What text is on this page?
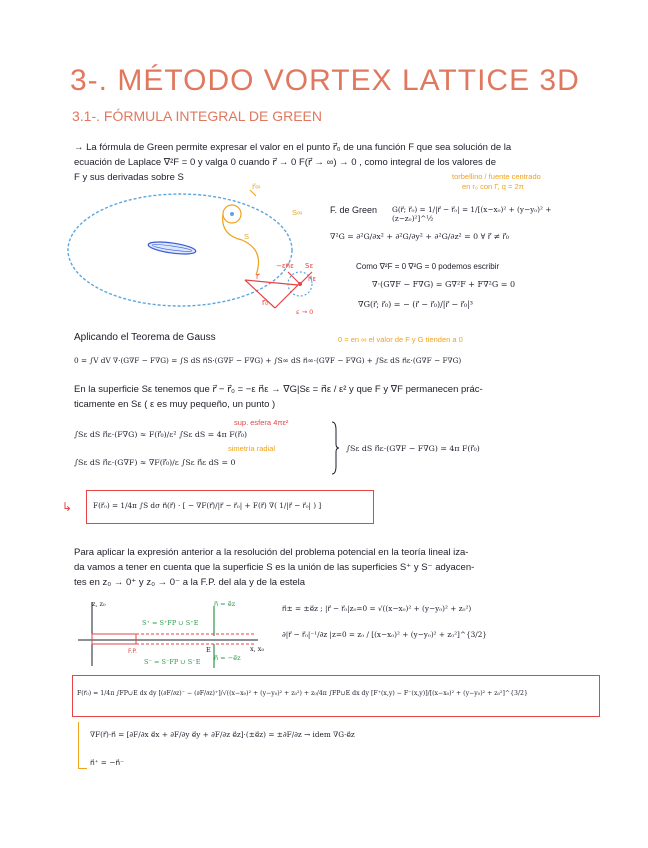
3-. MÉTODO VORTEX LATTICE 3D
3.1-. FÓRMULA INTEGRAL DE GREEN
→ La fórmula de Green permite expresar el valor en el punto r⃗₀ de una función F que sea solución de la
ecuación de Laplace ∇²F = 0 y valga 0 cuando r⃗ → 0 F(r⃗ → ∞) → 0 , como integral de los valores de
F y sus derivadas sobre S
r⃗∞
S∞
S
r⃗₀
r⃗
−εn⃗ε Sε
n⃗ε
ε → 0
F. de Green G(r⃗; r⃗₀) = 1/|r⃗ − r⃗₀| = 1/[(x−x₀)² + (y−y₀)² + (z−z₀)²]^½
torbellino / fuente centrado
en r₀ con Γ, q = 2π
∇²G = ∂²G/∂x² + ∂²G/∂y² + ∂²G/∂z² = 0 ∀ r⃗ ≠ r⃗₀
Como ∇²F = 0 ∇²G = 0 podemos escribir
∇·(G∇F − F∇G) = G∇²F + F∇²G = 0
∇G(r⃗; r⃗₀) = − (r⃗ − r⃗₀)/|r⃗ − r⃗₀|³
Aplicando el Teorema de Gauss	0 = en ∞ el valor de F y G tienden a 0
0 = ∫V dV ∇·(G∇F − F∇G) = ∫S dS n⃗S·(G∇F − F∇G) + ∫S∞ dS n⃗∞·(G∇F − F∇G) + ∫Sε dS n⃗ε·(G∇F − F∇G)
En la superficie Sε tenemos que r⃗ − r⃗₀ = −ε n⃗ε → ∇G|Sε = n⃗ε / ε² y que F y ∇F permanecen prác-
ticamente en Sε ( ε es muy pequeño, un punto )
sup. esfera 4πε²
∫Sε dS n⃗ε·(F∇G) ≈ F(r⃗₀)/ε² ∫Sε dS = 4π F(r⃗₀)
simetría radial
∫Sε dS n⃗ε·(G∇F) ≈ ∇F(r⃗₀)/ε ∫Sε n⃗ε dS = 0
∫Sε dS n⃗ε·(G∇F − F∇G) = 4π F(r⃗₀)
↳	F(r⃗₀) = 1/4π ∫S dσ n⃗(r⃗) · [ − ∇F(r⃗)/|r⃗ − r⃗₀| + F(r⃗) ∇( 1/|r⃗ − r⃗₀| ) ]
Para aplicar la expresión anterior a la resolución del problema potencial en la teoría lineal iza-
da vamos a tener en cuenta que la superficie S es la unión de las superficies S⁺ y S⁻ adyacen-
tes en z₀ → 0⁺ y z₀ → 0⁻ a la F.P. del ala y de la estela
z, z₀
x, x₀
S⁺ = S⁺FP ∪ S⁺E
S⁻ = S⁻FP ∪ S⁻E
n⃗ = e⃗z
n⃗ = −e⃗z
F.P.	E
n⃗± = ±e⃗z ; |r⃗ − r⃗₀|z₀=0 = √((x−x₀)² + (y−y₀)² + z₀²)
∂|r⃗ − r⃗₀|⁻¹/∂z |z=0 = z₀ / [(x−x₀)² + (y−y₀)² + z₀²]^{3/2}
F(r⃗₀) = 1/4π ∫FP∪E dx dy [(∂F/∂z)⁻ − (∂F/∂z)⁺]/√((x−x₀)² + (y−y₀)² + z₀²) + z₀/4π ∫FP∪E dx dy [F⁺(x,y) − F⁻(x,y)]/[(x−x₀)² + (y−y₀)² + z₀²]^{3/2}
∇F(r⃗)·n⃗ = [∂F/∂x e⃗x + ∂F/∂y e⃗y + ∂F/∂z e⃗z]·(±e⃗z) = ±∂F/∂z → idem ∇G·e⃗z
n⃗⁺ = −n⃗⁻
